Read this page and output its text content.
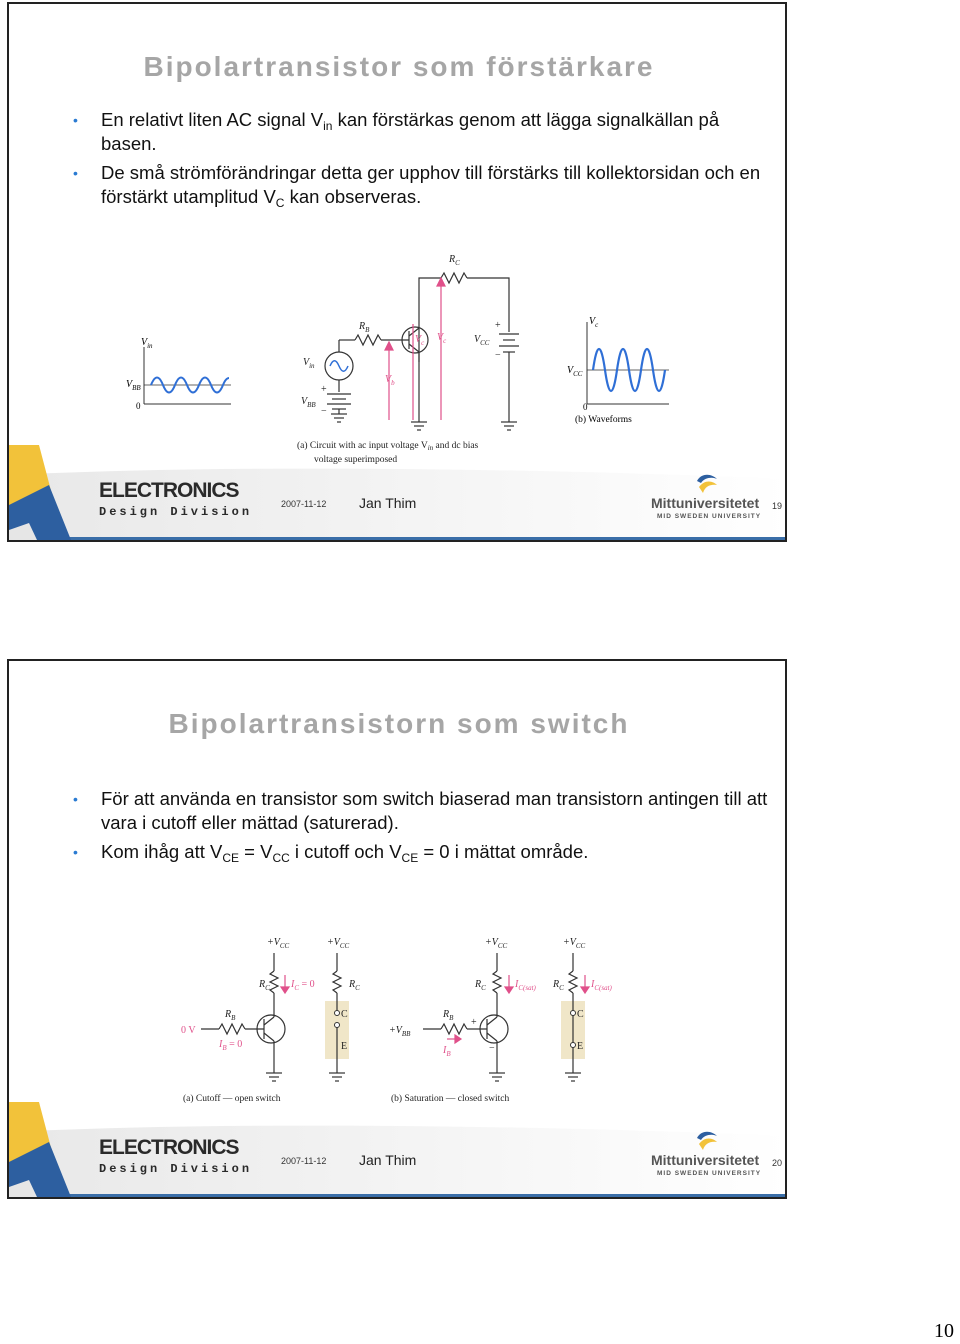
Bipolartransistor som förstärkare
• En relativt liten AC signal $V_{in}$ kan förstärkas genom att lägga signalkällan på basen.
• De små strömförändringar detta ger upphov till förstärks till kollektorsidan och en förstärkt utamplitud $V_C$ kan observeras.
$V_{in}$
$V_{BB}$
0
$R_C$
$R_B$
$V_{in}$
$V_{BB}$
$V_b$
$V_c$ $V_c$	$V_{CC}$
+
−
+
−
(a) Circuit with ac input voltage $V_{in}$ and dc bias
voltage superimposed
$V_c$
$V_{CC}$
0
(b) Waveforms
ELECTRONICS
Design Division
2007-11-12 Jan Thim	Mittuniversitetet
MID SWEDEN UNIVERSITY
19
Bipolartransistorn som switch
• För att använda en transistor som switch biaserad man transistorn antingen till att vara i cutoff eller mättad (saturerad).
• Kom ihåg att $V_{CE} = V_{CC}$ i cutoff och $V_{CE} = 0$ i mättat område.
$+V_{CC}$	$+V_{CC}$	$+V_{CC}$	$+V_{CC}$
$R_C$ $I_C = 0$	$R_C$
$R_B$
$I_B = 0$
0 V
C
E
$R_C$	$I_{C(sat)}$ $R_C$	$I_{C(sat)}$
$R_B$
$I_B$
$+V_{BB}$
+
−
C
E
(a) Cutoff — open switch	(b) Saturation — closed switch
ELECTRONICS
Design Division
2007-11-12 Jan Thim	Mittuniversitetet
MID SWEDEN UNIVERSITY
20
10
